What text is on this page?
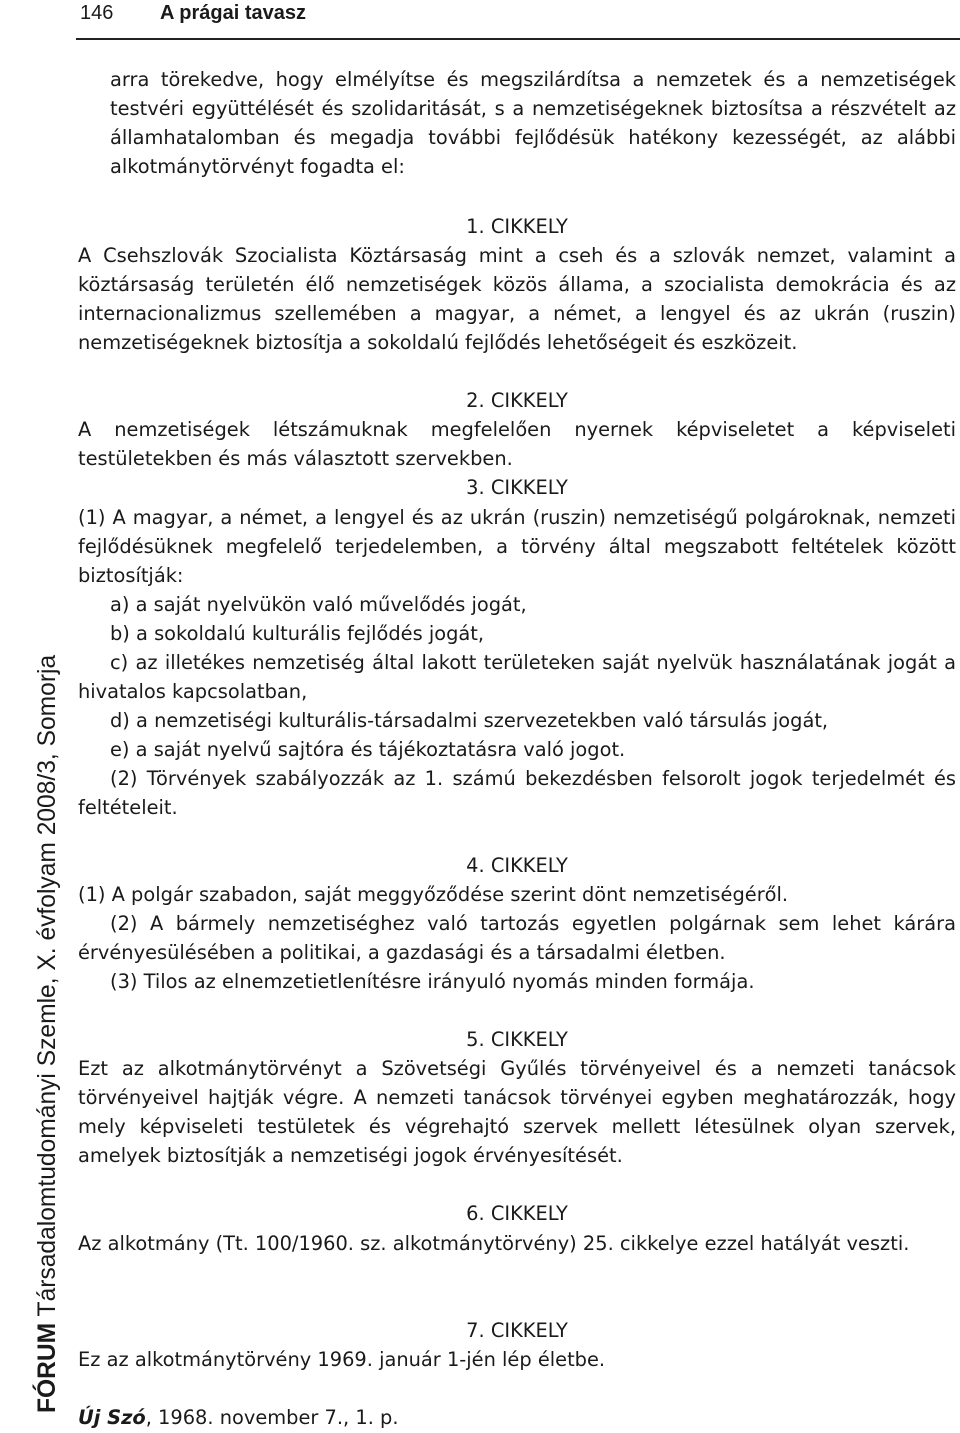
146 A prágai tavasz
FÓRUM Társadalomtudományi Szemle, X. évfolyam 2008/3, Somorja
arra törekedve, hogy elmélyítse és megszilárdítsa a nemzetek és a nemzetiségek testvéri együttélését és szolidaritását, s a nemzetiségeknek biztosítsa a részvételt az államhatalomban és megadja további fejlődésük hatékony kezességét, az alábbi alkotmánytörvényt fogadta el:
1. CIKKELY
A Csehszlovák Szocialista Köztársaság mint a cseh és a szlovák nemzet, valamint a köztársaság területén élő nemzetiségek közös állama, a szocialista demokrácia és az internacionalizmus szellemében a magyar, a német, a lengyel és az ukrán (ruszin) nemzetiségeknek biztosítja a sokoldalú fejlődés lehetőségeit és eszközeit.
2. CIKKELY
A nemzetiségek létszámuknak megfelelően nyernek képviseletet a képviseleti testületekben és más választott szervekben.
3. CIKKELY
(1) A magyar, a német, a lengyel és az ukrán (ruszin) nemzetiségű polgároknak, nemzeti fejlődésüknek megfelelő terjedelemben, a törvény által megszabott feltételek között biztosítják:
a) a saját nyelvükön való művelődés jogát,
b) a sokoldalú kulturális fejlődés jogát,
c) az illetékes nemzetiség által lakott területeken saját nyelvük használatának jogát a hivatalos kapcsolatban,
d) a nemzetiségi kulturális-társadalmi szervezetekben való társulás jogát,
e) a saját nyelvű sajtóra és tájékoztatásra való jogot.
(2) Törvények szabályozzák az 1. számú bekezdésben felsorolt jogok terjedelmét és feltételeit.
4. CIKKELY
(1) A polgár szabadon, saját meggyőződése szerint dönt nemzetiségéről.
(2) A bármely nemzetiséghez való tartozás egyetlen polgárnak sem lehet kárára érvényesülésében a politikai, a gazdasági és a társadalmi életben.
(3) Tilos az elnemzetietlenítésre irányuló nyomás minden formája.
5. CIKKELY
Ezt az alkotmánytörvényt a Szövetségi Gyűlés törvényeivel és a nemzeti tanácsok törvényeivel hajtják végre. A nemzeti tanácsok törvényei egyben meghatározzák, hogy mely képviseleti testületek és végrehajtó szervek mellett létesülnek olyan szervek, amelyek biztosítják a nemzetiségi jogok érvényesítését.
6. CIKKELY
Az alkotmány (Tt. 100/1960. sz. alkotmánytörvény) 25. cikkelye ezzel hatályát veszti.
7. CIKKELY
Ez az alkotmánytörvény 1969. január 1-jén lép életbe.
Új Szó, 1968. november 7., 1. p.
